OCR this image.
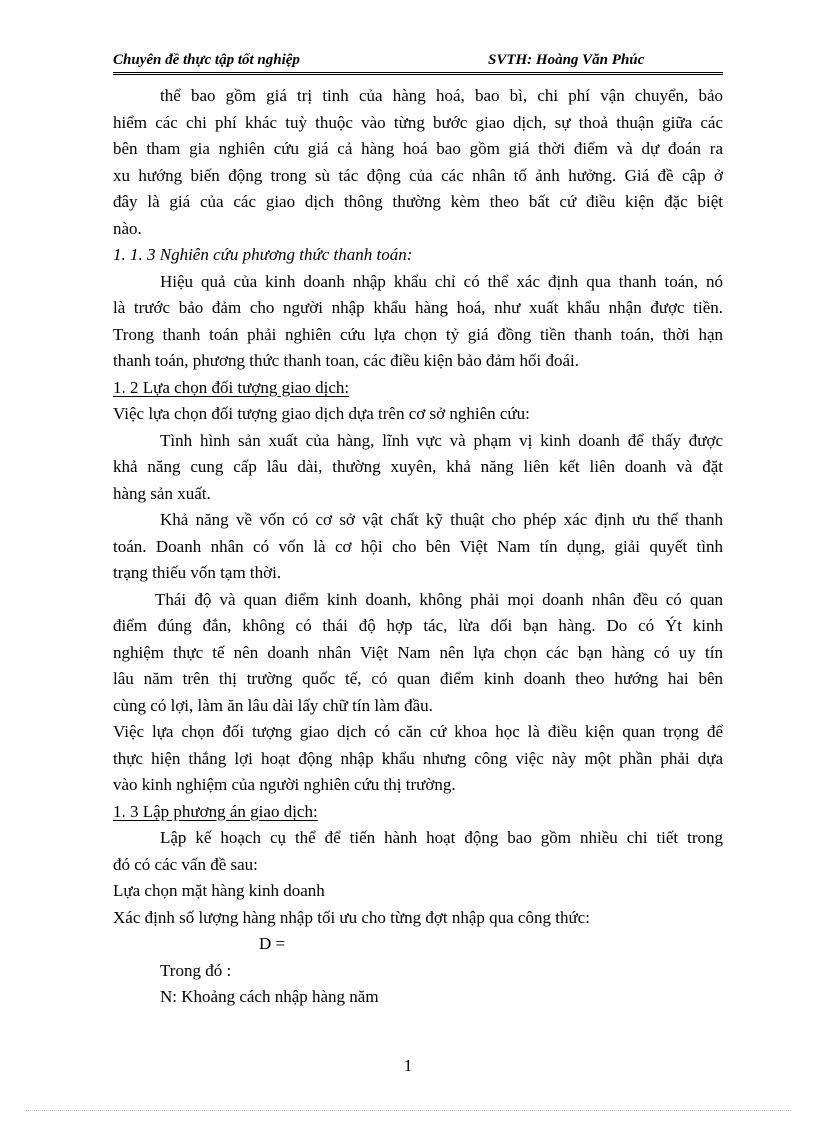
Chuyên đề thực tập tốt nghiệp	SVTH: Hoàng Văn Phúc
thể bao gồm giá trị tinh của hàng hoá, bao bì, chi phí vận chuyển, bảo
hiểm các chi phí khác tuỳ thuộc vào từng bước giao dịch, sự thoả thuận giữa các
bên tham gia nghiên cứu giá cả hàng hoá bao gồm giá thời điểm và dự đoán ra
xu hướng biến động trong sù tác động của các nhân tố ảnh hưởng. Giá đề cập ở
đây là giá của các giao dịch thông thường kèm theo bất cứ điều kiện đặc biệt
nào.
1. 1. 3 Nghiên cứu phương thức thanh toán:
Hiệu quả của kinh doanh nhập khẩu chỉ có thể xác định qua thanh toán, nó
là trước bảo đảm cho người nhập khẩu hàng hoá, như xuất khẩu nhận được tiền.
Trong thanh toán phải nghiên cứu lựa chọn tỷ giá đồng tiền thanh toán, thời hạn
thanh toán, phương thức thanh toan, các điều kiện bảo đảm hối đoái.
1. 2 Lựa chọn đối tượng giao dịch:
Việc lựa chọn đối tượng giao dịch dựa trên cơ sở nghiên cứu:
Tình hình sản xuất của hàng, lĩnh vực và phạm vị kinh doanh để thấy được
khả năng cung cấp lâu dài, thường xuyên, khả năng liên kết liên doanh và đặt
hàng sản xuất.
Khả năng về vốn có cơ sở vật chất kỹ thuật cho phép xác định ưu thế thanh
toán. Doanh nhân có vốn là cơ hội cho bên Việt Nam tín dụng, giải quyết tình
trạng thiếu vốn tạm thời.
Thái độ và quan điểm kinh doanh, không phải mọi doanh nhân đều có quan
điểm đúng đắn, không có thái độ hợp tác, lừa dối bạn hàng. Do có Ýt kinh
nghiệm thực tế nên doanh nhân Việt Nam nên lựa chọn các bạn hàng có uy tín
lâu năm trên thị trường quốc tế, có quan điểm kinh doanh theo hướng hai bên
cùng có lợi, làm ăn lâu dài lấy chữ tín làm đầu.
Việc lựa chọn đối tượng giao dịch có căn cứ khoa học là điều kiện quan trọng để
thực hiện thắng lợi hoạt động nhập khẩu nhưng công việc này một phần phải dựa
vào kinh nghiệm của người nghiên cứu thị trường.
1. 3 Lập phương án giao dịch:
Lập kế hoạch cụ thể để tiến hành hoạt động bao gồm nhiều chi tiết trong
đó có các vấn đề sau:
Lựa chọn mặt hàng kinh doanh
Xác định số lượng hàng nhập tối ưu cho từng đợt nhập qua công thức:
D =
Trong đó :
N: Khoảng cách nhập hàng năm
1
